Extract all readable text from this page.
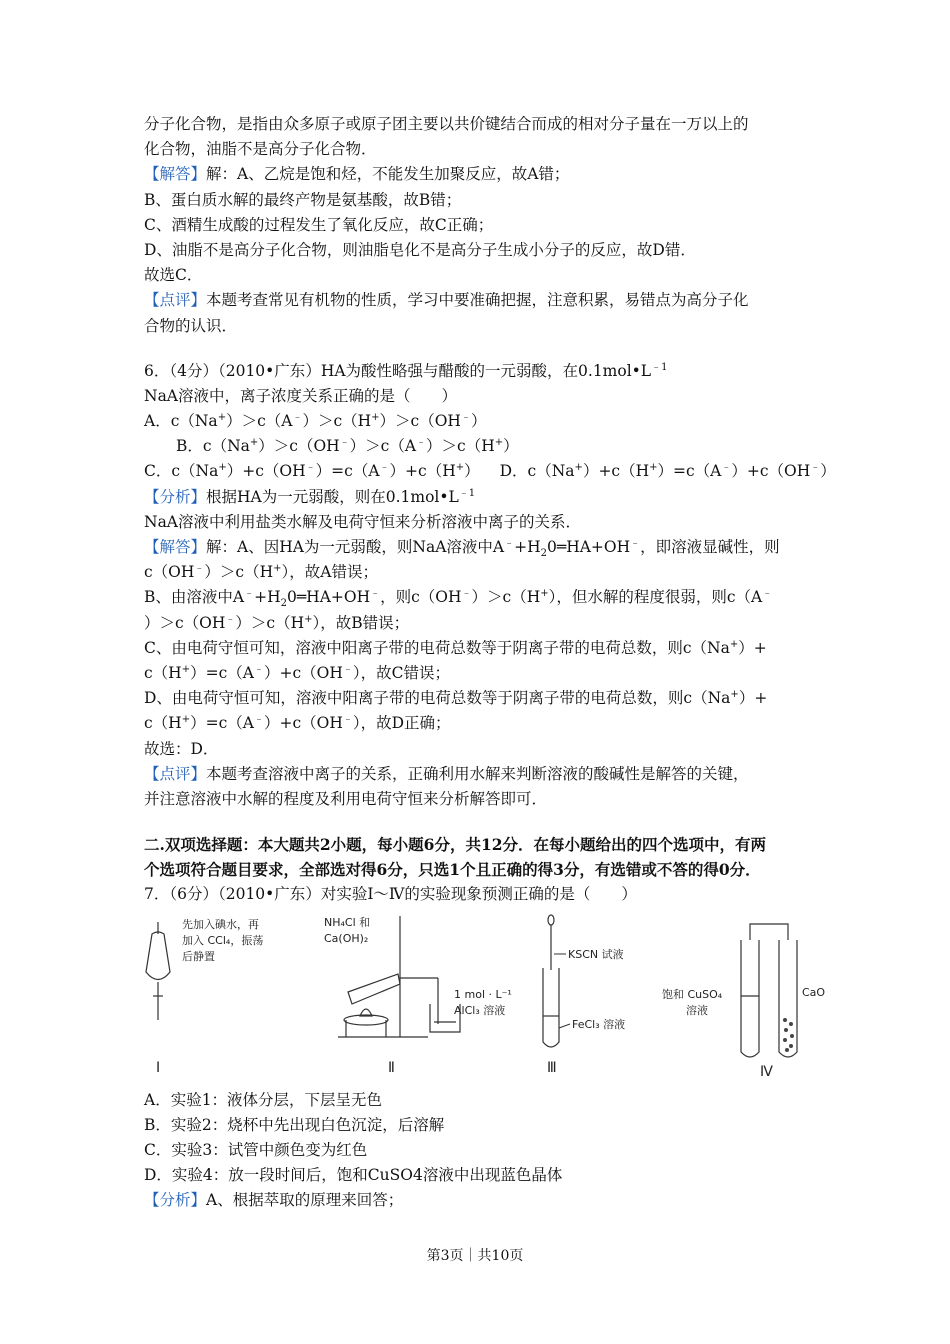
分子化合物，是指由众多原子或原子团主要以共价键结合而成的相对分子量在一万以上的
化合物，油脂不是高分子化合物．
【解答】解：A、乙烷是饱和烃，不能发生加聚反应，故A错；
B、蛋白质水解的最终产物是氨基酸，故B错；
C、酒精生成酸的过程发生了氧化反应，故C正确；
D、油脂不是高分子化合物，则油脂皂化不是高分子生成小分子的反应，故D错．
故选C．
【点评】本题考查常见有机物的性质，学习中要准确把握，注意积累，易错点为高分子化
合物的认识．
6．（4分）（2010•广东）HA为酸性略强与醋酸的一元弱酸，在$0.1mol•L^{﹣1}$
NaA溶液中，离子浓度关系正确的是（　　）
A．c（Na+）＞c（A﹣）＞c（H+）＞c（OH﹣）
B．c（Na+）＞c（OH﹣）＞c（A﹣）＞c（H+）
C．c（Na+）+c（OH﹣）=c（A﹣）+c（H+） D．c（Na+）+c（H+）=c（A﹣）+c（OH﹣）
【分析】根据HA为一元弱酸，则在$0.1mol•L^{﹣1}$
NaA溶液中利用盐类水解及电荷守恒来分析溶液中离子的关系．
【解答】解：A、因HA为一元弱酸，则NaA溶液中$A^﹣+H_20═HA+OH^﹣$，即溶液显碱性，则
c（OH﹣）＞c（H+），故A错误；
B、由溶液中$A^﹣+H_20═HA+OH^﹣$，则c（OH﹣）＞c（H+），但水解的程度很弱，则c（A﹣
）＞c（OH﹣）＞c（H+），故B错误；
C、由电荷守恒可知，溶液中阳离子带的电荷总数等于阴离子带的电荷总数，则c（Na+）+
c（H+）=c（A﹣）+c（OH﹣），故C错误；
D、由电荷守恒可知，溶液中阳离子带的电荷总数等于阴离子带的电荷总数，则c（Na+）+
c（H+）=c（A﹣）+c（OH﹣），故D正确；
故选：D．
【点评】本题考查溶液中离子的关系，正确利用水解来判断溶液的酸碱性是解答的关键，
并注意溶液中水解的程度及利用电荷守恒来分析解答即可．
二.双项选择题：本大题共2小题，每小题6分，共12分．在每小题给出的四个选项中，有两
个选项符合题目要求，全部选对得6分，只选1个且正确的得3分，有选错或不答的得0分．
7．（6分）（2010•广东）对实验Ⅰ～Ⅳ的实验现象预测正确的是（　　）
先加入碘水，再
加入 CCl₄，振荡
后静置
Ⅰ
NH₄Cl 和
Ca(OH)₂
1 mol · L⁻¹
AlCl₃ 溶液
Ⅱ
KSCN 试液
FeCl₃ 溶液
Ⅲ
饱和 CuSO₄
溶液
CaO
Ⅳ
A．实验1：液体分层，下层呈无色
B．实验2：烧杯中先出现白色沉淀，后溶解
C．实验3：试管中颜色变为红色
D．实验4：放一段时间后，饱和CuSO4溶液中出现蓝色晶体
【分析】A、根据萃取的原理来回答；
第3页｜共10页
